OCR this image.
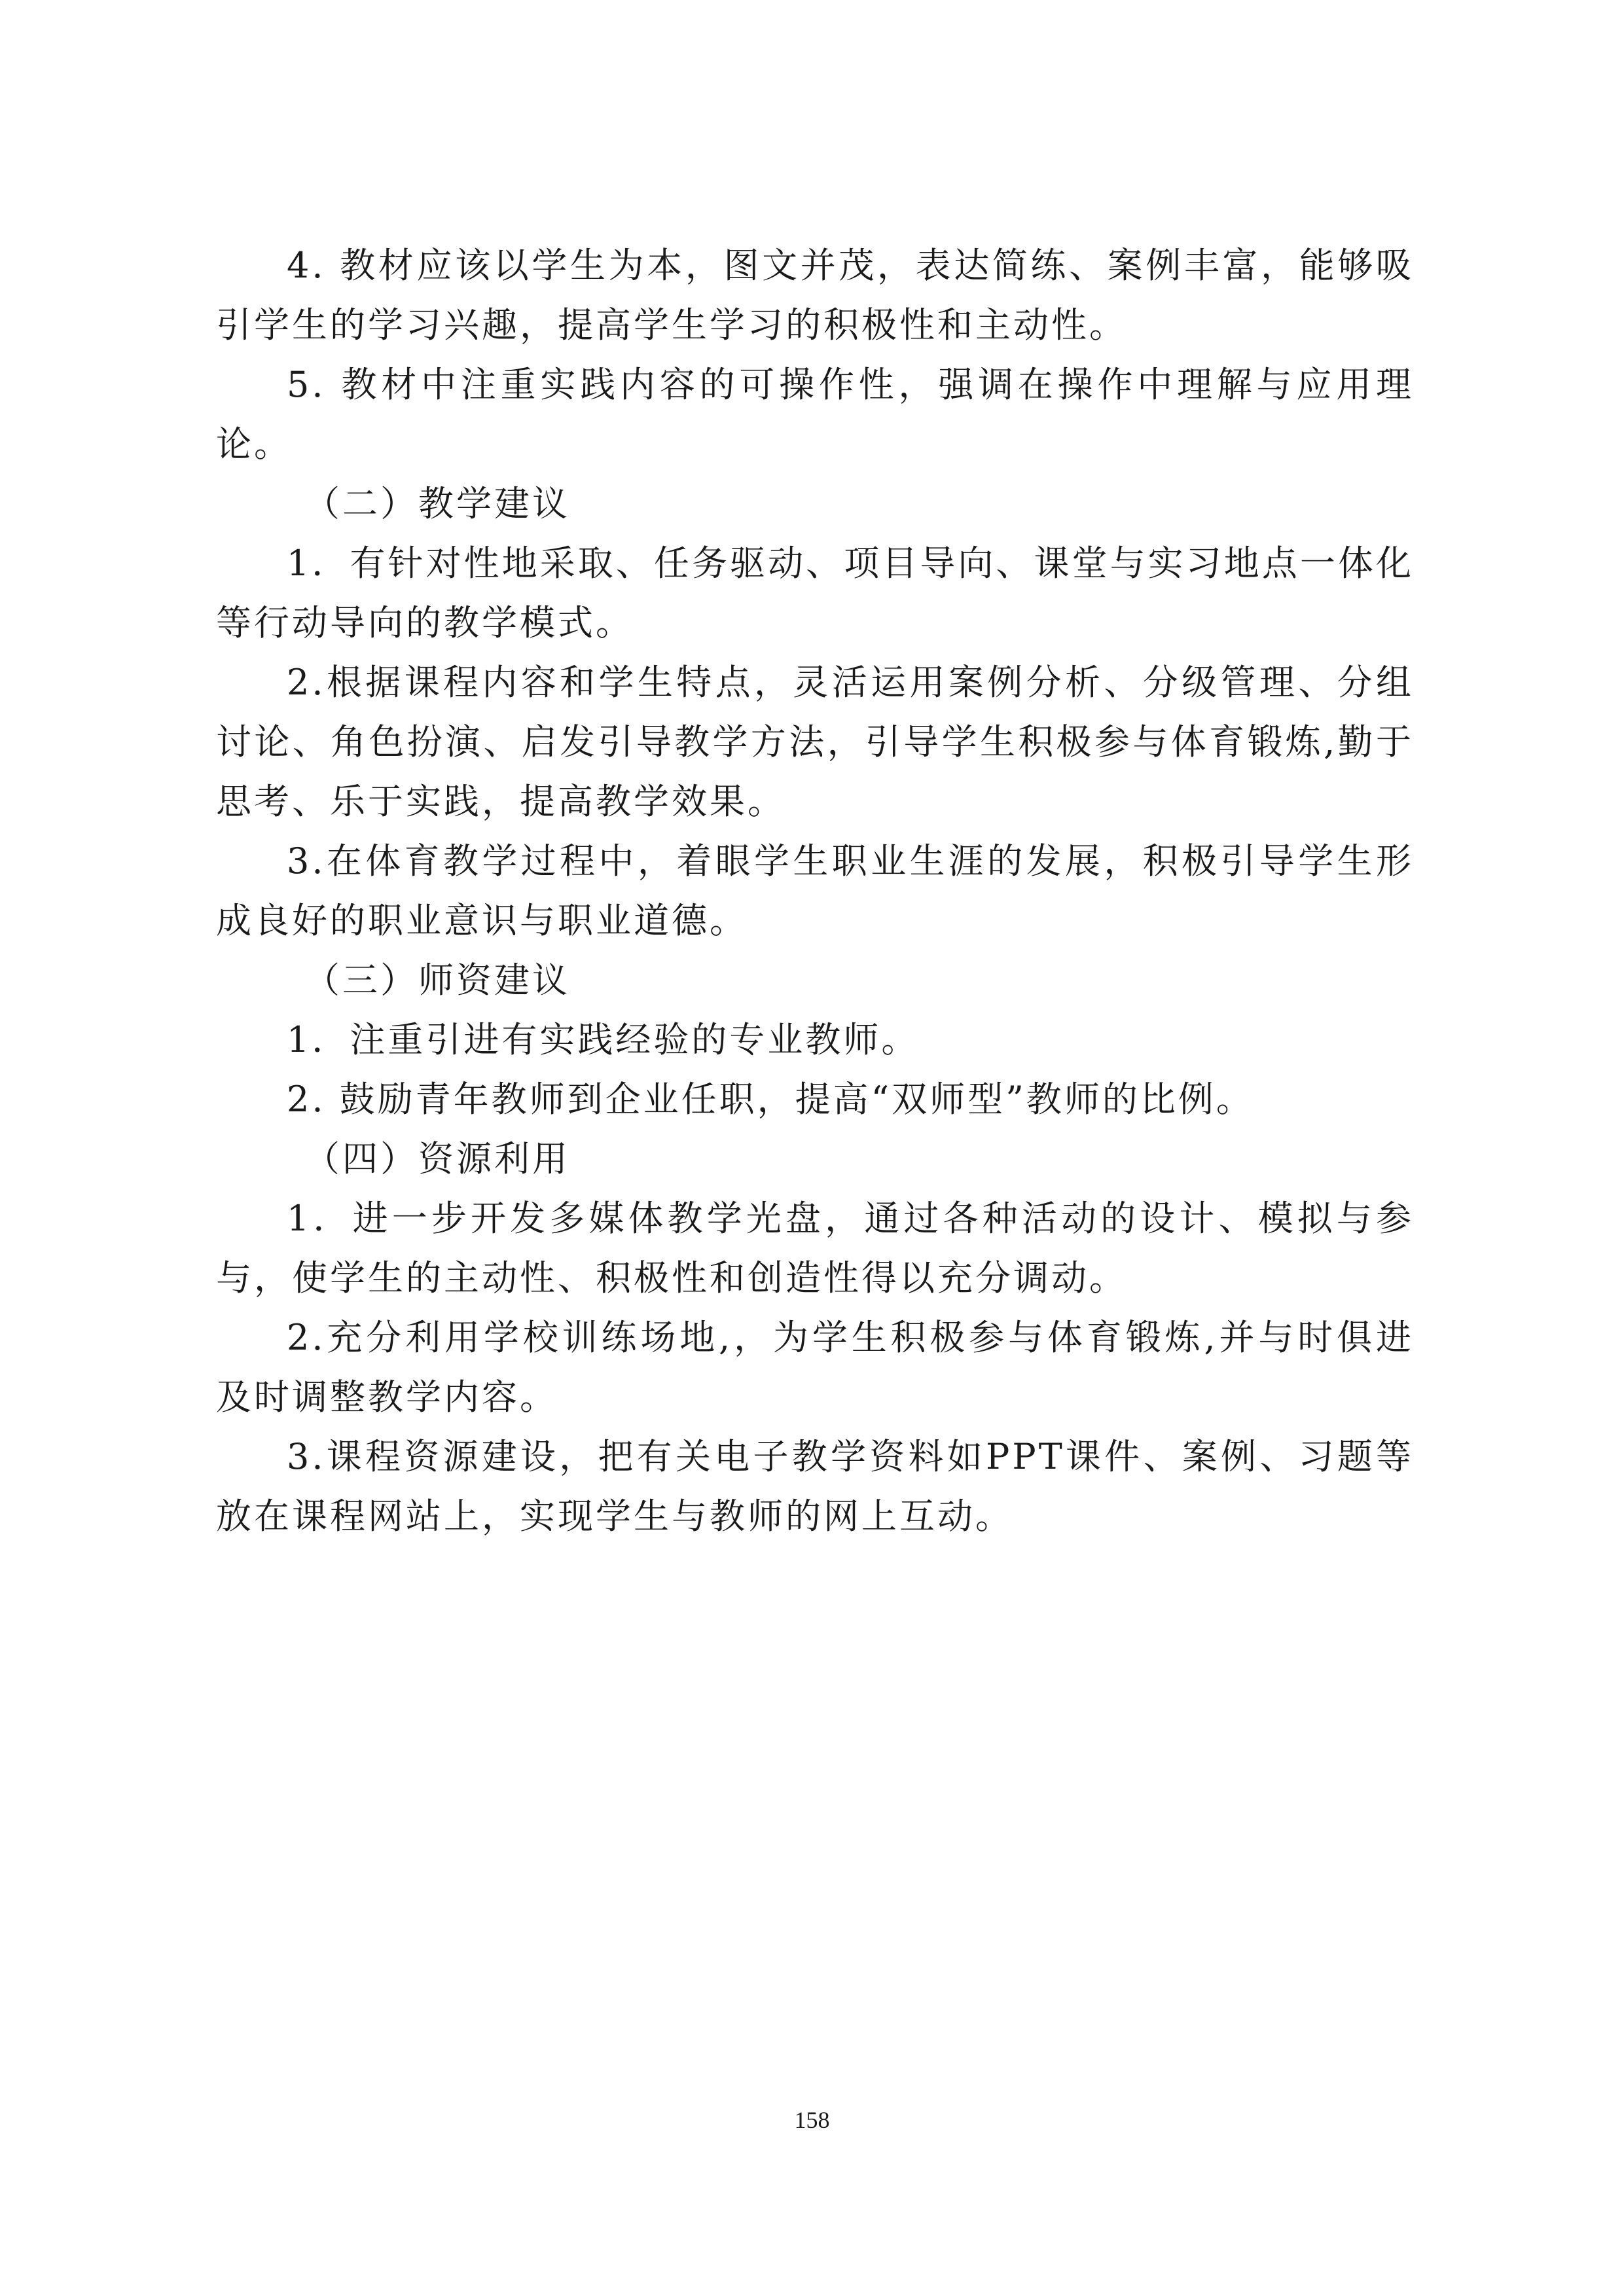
4. 教材应该以学生为本，图文并茂，表达简练、案例丰富，能够吸引学生的学习兴趣，提高学生学习的积极性和主动性。

5. 教材中注重实践内容的可操作性，强调在操作中理解与应用理论。

（二）教学建议

1．有针对性地采取、任务驱动、项目导向、课堂与实习地点一体化等行动导向的教学模式。

2.根据课程内容和学生特点，灵活运用案例分析、分级管理、分组讨论、角色扮演、启发引导教学方法，引导学生积极参与体育锻炼,勤于思考、乐于实践，提高教学效果。

3.在体育教学过程中，着眼学生职业生涯的发展，积极引导学生形成良好的职业意识与职业道德。

（三）师资建议

1．注重引进有实践经验的专业教师。

2. 鼓励青年教师到企业任职，提高“双师型”教师的比例。

（四）资源利用

1．进一步开发多媒体教学光盘，通过各种活动的设计、模拟与参与，使学生的主动性、积极性和创造性得以充分调动。

2.充分利用学校训练场地,，为学生积极参与体育锻炼,并与时俱进及时调整教学内容。

3.课程资源建设，把有关电子教学资料如PPT课件、案例、习题等放在课程网站上，实现学生与教师的网上互动。

158
